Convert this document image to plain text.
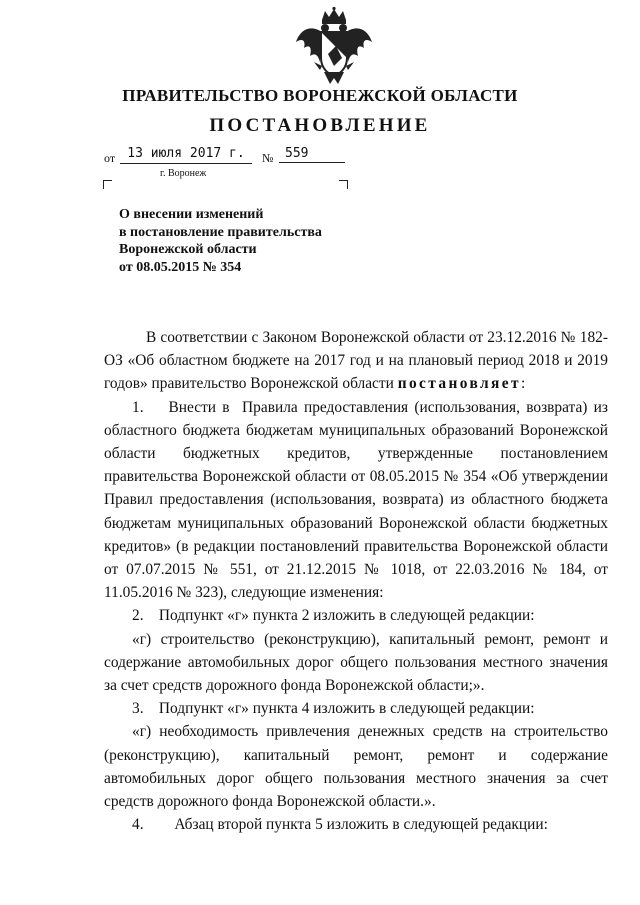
ПРАВИТЕЛЬСТВО ВОРОНЕЖСКОЙ ОБЛАСТИ
ПОСТАНОВЛЕНИЕ
от 13 июля 2017 г.	№ 559
г. Воронеж
О внесении изменений
в постановление правительства
Воронежской области
от 08.05.2015 № 354

В соответствии с Законом Воронежской области от 23.12.2016 № 182-ОЗ «Об областном бюджете на 2017 год и на плановый период 2018 и 2019 годов» правительство Воронежской области постановляет:

1.    Внести в  Правила предоставления (использования, возврата) из областного бюджета бюджетам муниципальных образований Воронежской области бюджетных кредитов, утвержденные постановлением правительства Воронежской области от 08.05.2015 № 354 «Об утверждении Правил предоставления (использования, возврата) из областного бюджета бюджетам муниципальных образований Воронежской области бюджетных кредитов» (в редакции постановлений правительства Воронежской области от 07.07.2015 № 551, от 21.12.2015 № 1018, от 22.03.2016 № 184, от 11.05.2016 № 323), следующие изменения:

2.    Подпункт «г» пункта 2 изложить в следующей редакции:

«г) строительство (реконструкцию), капитальный ремонт, ремонт и содержание автомобильных дорог общего пользования местного значения за счет средств дорожного фонда Воронежской области;».

3.    Подпункт «г» пункта 4 изложить в следующей редакции:

«г) необходимость привлечения денежных средств на строительство (реконструкцию), капитальный ремонт, ремонт и содержание автомобильных дорог общего пользования местного значения за счет средств дорожного фонда Воронежской области.».

4.        Абзац второй пункта 5 изложить в следующей редакции:
